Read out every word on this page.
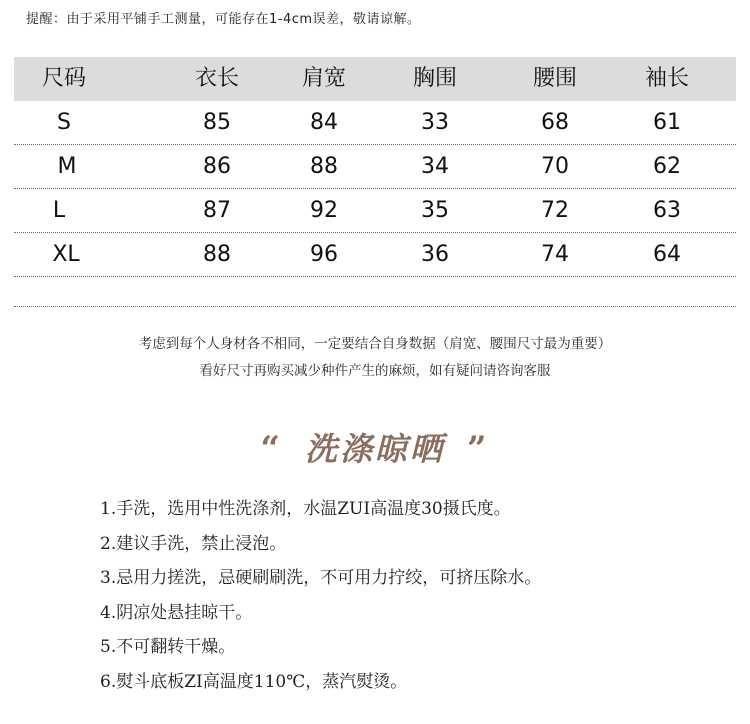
提醒：由于采用平铺手工测量，可能存在1-4cm误差，敬请谅解。
尺码	衣长	肩宽	胸围	腰围	袖长
S	85	84	33	68	61
M	86	88	34	70	62
L	87	92	35	72	63
XL	88	96	36	74	64
考虑到每个人身材各不相同，一定要结合自身数据（肩宽、腰围尺寸最为重要）
看好尺寸再购买减少种件产生的麻烦，如有疑问请咨询客服
“ 洗涤晾晒 ”
1.手洗，选用中性洗涤剂，水温ZUI高温度30摄氏度。
2.建议手洗，禁止浸泡。
3.忌用力搓洗，忌硬刷刷洗，不可用力拧绞，可挤压除水。
4.阴凉处悬挂晾干。
5.不可翻转干燥。
6.熨斗底板ZI高温度110℃，蒸汽熨烫。
